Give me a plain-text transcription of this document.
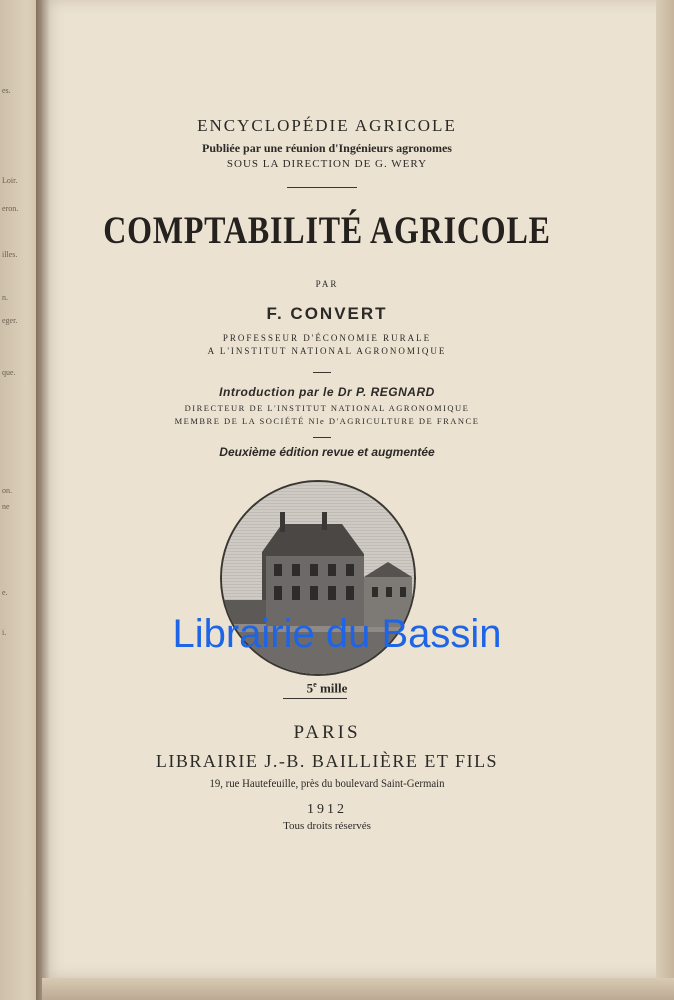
es.
Loir.
eron.
illes.
n.
eger.
que.
on.
ne
e.
i.
ENCYCLOPÉDIE AGRICOLE
Publiée par une réunion d'Ingénieurs agronomes
SOUS LA DIRECTION DE G. WERY
COMPTABILITÉ AGRICOLE
PAR
F. CONVERT
PROFESSEUR D'ÉCONOMIE RURALE
A L'INSTITUT NATIONAL AGRONOMIQUE
Introduction par le Dr P. REGNARD
DIRECTEUR DE L'INSTITUT NATIONAL AGRONOMIQUE
MEMBRE DE LA SOCIÉTÉ Nle D'AGRICULTURE DE FRANCE
Deuxième édition revue et augmentée
Librairie du Bassin
5e mille
PARIS
LIBRAIRIE J.-B. BAILLIÈRE ET FILS
19, rue Hautefeuille, près du boulevard Saint-Germain
1912
Tous droits réservés
